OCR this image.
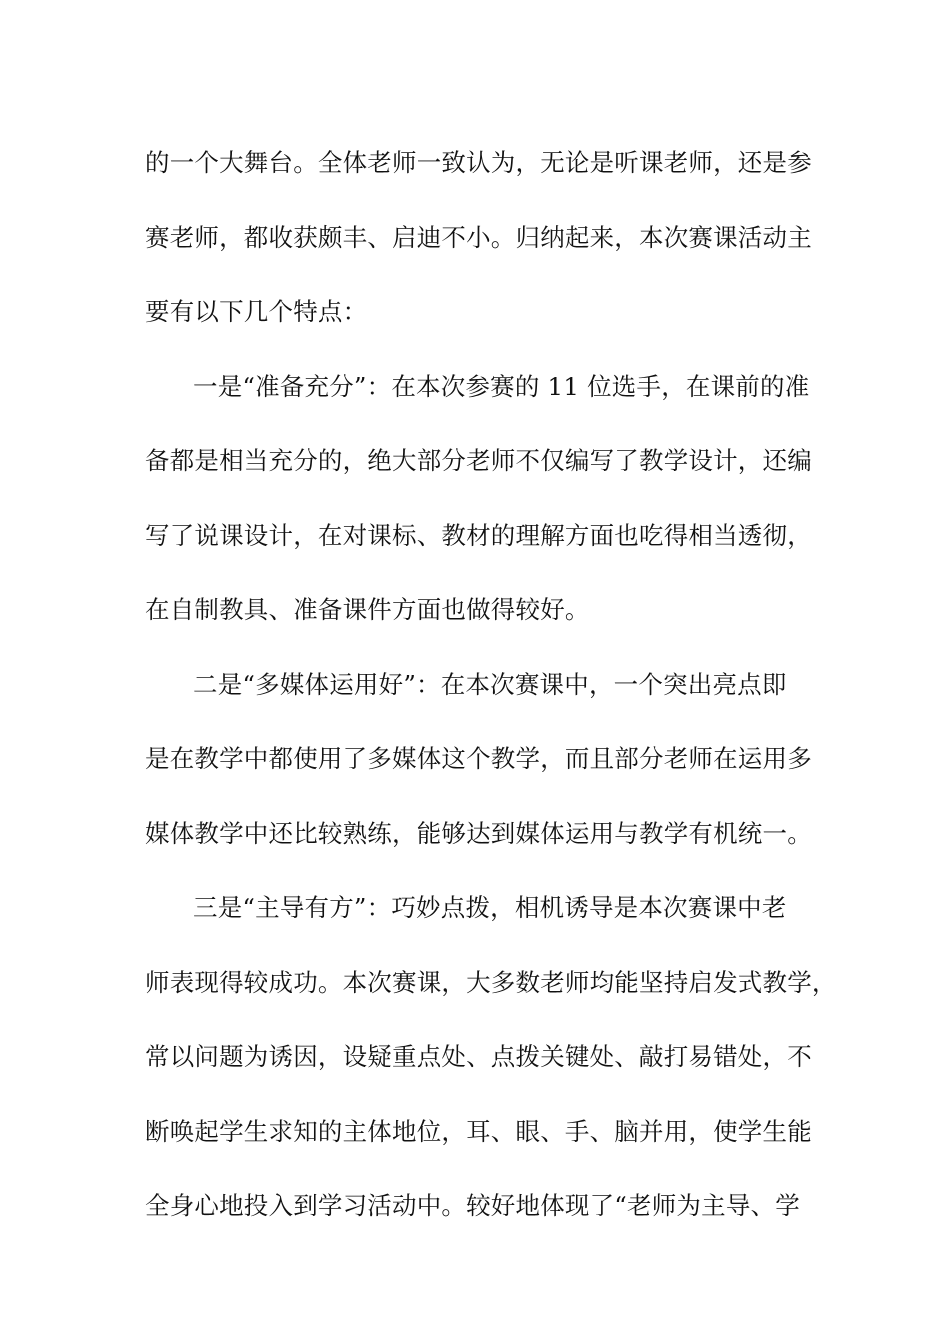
的一个大舞台。全体老师一致认为，无论是听课老师，还是参
赛老师，都收获颇丰、启迪不小。归纳起来，本次赛课活动主
要有以下几个特点：
一是“准备充分”：在本次参赛的 11 位选手，在课前的准
备都是相当充分的，绝大部分老师不仅编写了教学设计，还编
写了说课设计，在对课标、教材的理解方面也吃得相当透彻，
在自制教具、准备课件方面也做得较好。
二是“多媒体运用好”：在本次赛课中，一个突出亮点即
是在教学中都使用了多媒体这个教学，而且部分老师在运用多
媒体教学中还比较熟练，能够达到媒体运用与教学有机统一。
三是“主导有方”：巧妙点拨，相机诱导是本次赛课中老
师表现得较成功。本次赛课，大多数老师均能坚持启发式教学，
常以问题为诱因，设疑重点处、点拨关键处、敲打易错处，不
断唤起学生求知的主体地位，耳、眼、手、脑并用，使学生能
全身心地投入到学习活动中。较好地体现了“老师为主导、学
